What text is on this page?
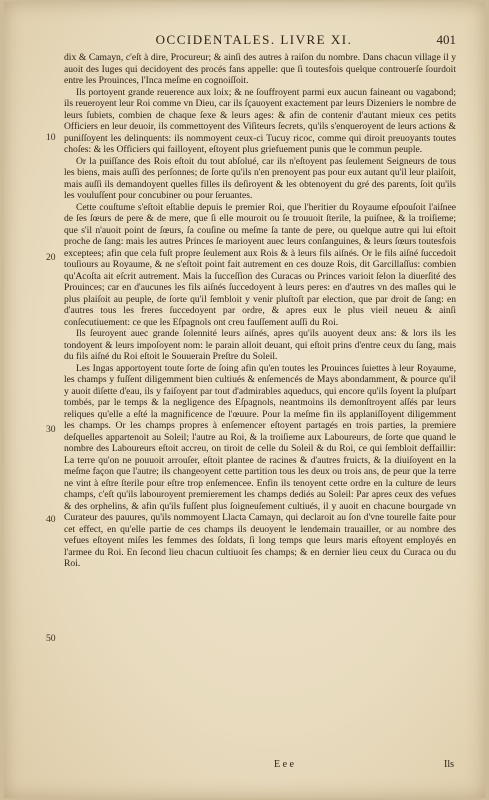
OCCIDENTALES. LIVRE XI.	401
10
20
30
40
50

dix & Camayn, c'eſt à dire, Procureur; & ainſi des autres à raiſon du nombre. Dans chacun village il y auoit des Iuges qui decidoyent des procés fans appelle: que ſi toutesfois quelque controuerſe ſourdoit entre les Prouinces, l'Inca meſme en cognoiſſoit.

Ils portoyent grande reuerence aux loix; & ne ſouffroyent parmi eux aucun faineant ou vagabond; ils reueroyent leur Roi comme vn Dieu, car ils ſçauoyent exactement par leurs Dizeniers le nombre de leurs ſubiets, combien de chaque ſexe & leurs ages: & afin de contenir d'autant mieux ces petits Officiers en leur deuoir, ils commettoyent des Viſiteurs ſecrets, qu'ils s'enqueroyent de leurs actions & puniſſoyent les delinquents: ils nommoyent ceux-ci Tucuy ricoc, comme qui diroit preuoyants toutes choſes: & les Officiers qui failloyent, eſtoyent plus griefuement punis que le commun peuple.

Or la puiſſance des Rois eſtoit du tout abſolué, car ils n'eſtoyent pas ſeulement Seigneurs de tous les biens, mais auſſi des perſonnes; de ſorte qu'ils n'en prenoyent pas pour eux autant qu'il leur plaiſoit, mais auſſi ils demandoyent quelles filles ils deſiroyent & les obtenoyent du gré des parents, ſoit qu'ils les vouluſſent pour concubiner ou pour ſeruantes.

Cette couſtume s'eſtoit eſtablie depuis le premier Roi, que l'heritier du Royaume eſpouſoit l'aiſnee de ſes ſœurs de pere & de mere, que ſi elle mouroit ou ſe trouuoit ſterile, la puiſnee, & la troiſieme; que s'il n'auoit point de ſœurs, ſa couſine ou meſme ſa tante de pere, ou quelque autre qui lui eſtoit proche de ſang: mais les autres Princes ſe marioyent auec leurs conſanguines, & leurs ſœurs toutesfois exceptees; afin que cela fuſt propre ſeulement aux Rois & à leurs fils aiſnés. Or le fils aiſné ſuccedoit touſiours au Royaume, & ne s'eſtoit point fait autrement en ces douze Rois, dit Garcillaſſus: combien qu'Acoſta ait eſcrit autrement. Mais la ſucceſſion des Curacas ou Princes varioit ſelon la diuerſité des Prouinces; car en d'aucunes les fils aiſnés ſuccedoyent à leurs peres: en d'autres vn des maſles qui le plus plaiſoit au peuple, de ſorte qu'il ſembloit y venir pluſtoſt par election, que par droit de ſang: en d'autres tous les freres ſuccedoyent par ordre, & apres eux le plus vieil neueu & ainſi conſecutiuement: ce que les Eſpagnols ont creu fauſſement auſſi du Roi.

Ils ſeuroyent auec grande ſolennité leurs aiſnés, apres qu'ils auoyent deux ans: & lors ils les tondoyent & leurs impoſoyent nom: le parain alloit deuant, qui eſtoit prins d'entre ceux du ſang, mais du fils aiſné du Roi eſtoit le Souuerain Preſtre du Soleil.

Les Ingas apportoyent toute ſorte de ſoing afin qu'en toutes les Prouinces ſuiettes à leur Royaume, les champs y fuſſent diligemment bien cultiués & enſemencés de Mays abondamment, & pource qu'il y auoit diſette d'eau, ils y faiſoyent par tout d'admirables aqueducs, qui encore qu'ils ſoyent la pluſpart tombés, par le temps & la negligence des Eſpagnols, neantmoins ils demonſtroyent aſſés par leurs reliques qu'elle a eſté la magnificence de l'œuure. Pour la meſme fin ils applaniſſoyent diligemment les champs. Or les champs propres à enſemencer eſtoyent partagés en trois parties, la premiere deſquelles appartenoit au Soleil; l'autre au Roi, & la troiſieme aux Laboureurs, de ſorte que quand le nombre des Laboureurs eſtoit accreu, on tiroit de celle du Soleil & du Roi, ce qui ſembloit deffaillir: La terre qu'on ne pouuoit arrouſer, eſtoit plantee de racines & d'autres fruicts, & la diuiſoyent en la meſme façon que l'autre; ils changeoyent cette partition tous les deux ou trois ans, de peur que la terre ne vint à eſtre ſterile pour eſtre trop enſemencee. Enfin ils tenoyent cette ordre en la culture de leurs champs, c'eſt qu'ils labouroyent premierement les champs dediés au Soleil: Par apres ceux des vefues & des orphelins, & afin qu'ils fuſſent plus ſoigneuſement cultiués, il y auoit en chacune bourgade vn Curateur des pauures, qu'ils nommoyent Llacta Camayn, qui declaroit au ſon d'vne tourelle faite pour cet effect, en qu'elle partie de ces champs ils deuoyent le lendemain trauailler, or au nombre des vefues eſtoyent miſes les femmes des ſoldats, ſi long temps que leurs maris eſtoyent employés en l'armee du Roi. En ſecond lieu chacun cultiuoit ſes champs; & en dernier lieu ceux du Curaca ou du Roi.

E e e	Ils
